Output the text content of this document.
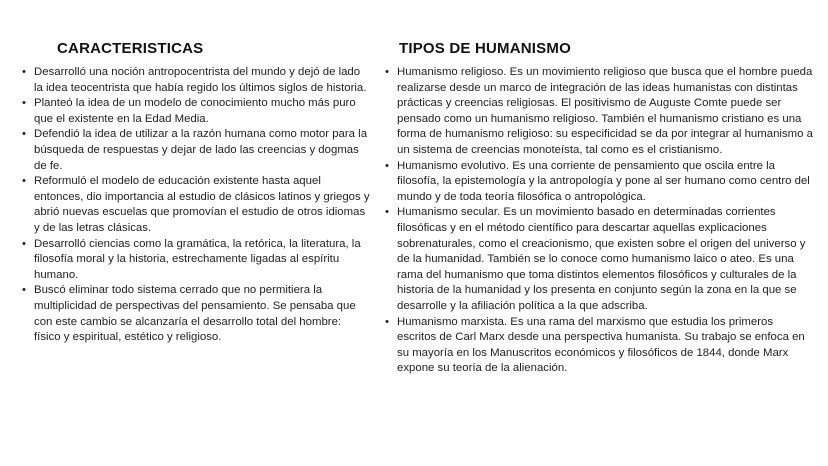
CARACTERISTICAS
• Desarrolló una noción antropocentrista del mundo y dejó de lado la idea teocentrista que había regido los últimos siglos de historia.
• Planteó la idea de un modelo de conocimiento mucho más puro que el existente en la Edad Media.
• Defendió la idea de utilizar a la razón humana como motor para la búsqueda de respuestas y dejar de lado las creencias y dogmas de fe.
• Reformuló el modelo de educación existente hasta aquel entonces, dio importancia al estudio de clásicos latinos y griegos y abrió nuevas escuelas que promovían el estudio de otros idiomas y de las letras clásicas.
• Desarrolló ciencias como la gramática, la retórica, la literatura, la filosofía moral y la historia, estrechamente ligadas al espíritu humano.
• Buscó eliminar todo sistema cerrado que no permitiera la multiplicidad de perspectivas del pensamiento. Se pensaba que con este cambio se alcanzaría el desarrollo total del hombre: físico y espiritual, estético y religioso.
TIPOS DE HUMANISMO
• Humanismo religioso. Es un movimiento religioso que busca que el hombre pueda realizarse desde un marco de integración de las ideas humanistas con distintas prácticas y creencias religiosas. El positivismo de Auguste Comte puede ser pensado como un humanismo religioso. También el humanismo cristiano es una forma de humanismo religioso: su especificidad se da por integrar al humanismo a un sistema de creencias monoteísta, tal como es el cristianismo.
• Humanismo evolutivo. Es una corriente de pensamiento que oscila entre la filosofía, la epistemología y la antropología y pone al ser humano como centro del mundo y de toda teoría filosófica o antropológica.
• Humanismo secular. Es un movimiento basado en determinadas corrientes filosóficas y en el método científico para descartar aquellas explicaciones sobrenaturales, como el creacionismo, que existen sobre el origen del universo y de la humanidad. También se lo conoce como humanismo laico o ateo. Es una rama del humanismo que toma distintos elementos filosóficos y culturales de la historia de la humanidad y los presenta en conjunto según la zona en la que se desarrolle y la afiliación política a la que adscriba.
• Humanismo marxista. Es una rama del marxismo que estudia los primeros escritos de Carl Marx desde una perspectiva humanista. Su trabajo se enfoca en su mayoría en los Manuscritos económicos y filosóficos de 1844, donde Marx expone su teoría de la alienación.
